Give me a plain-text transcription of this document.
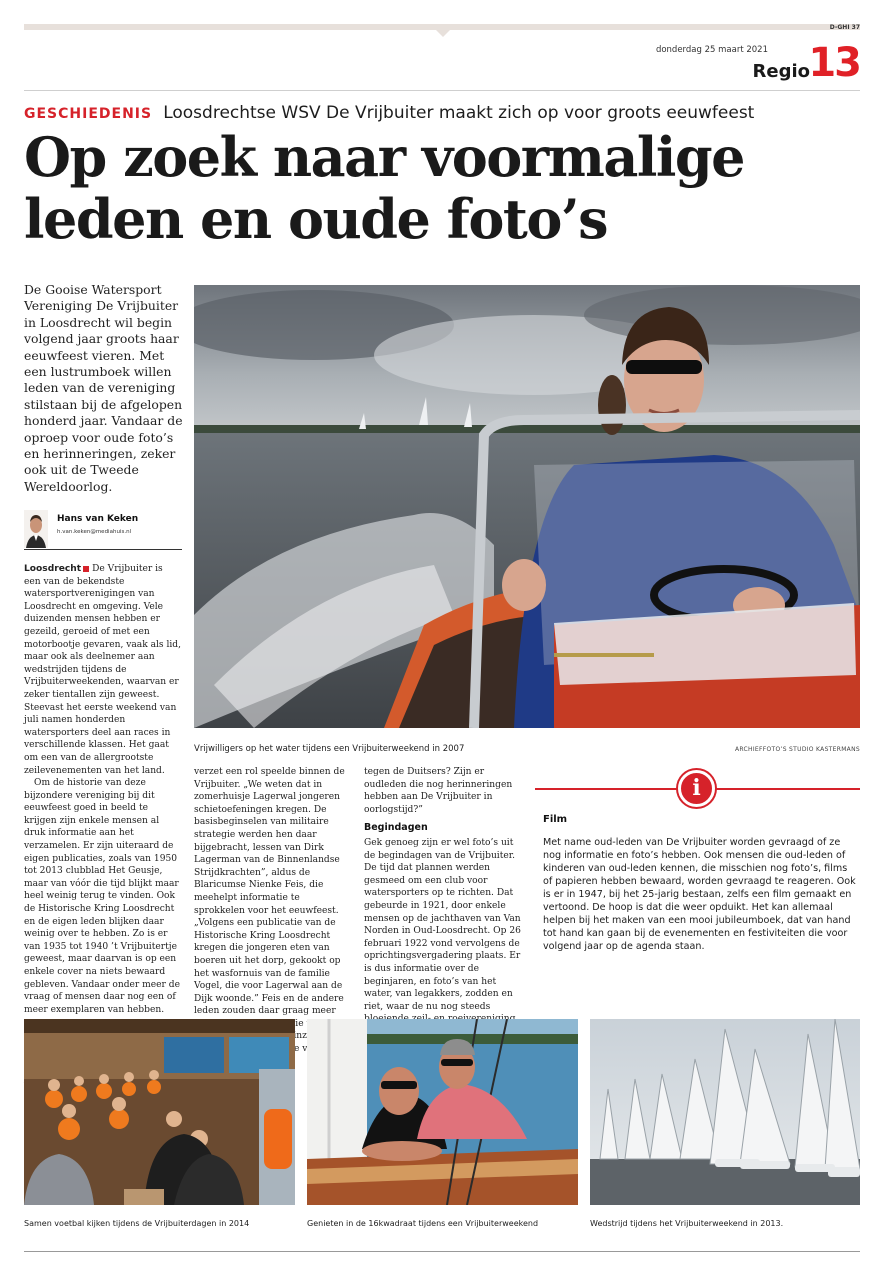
D-GHI 37
donderdag 25 maart 2021
Regio
13
GESCHIEDENIS Loosdrechtse WSV De Vrijbuiter maakt zich op voor groots eeuwfeest
Op zoek naar voormalige
leden en oude foto’s
De Gooise Watersport Vereniging De Vrijbuiter in Loosdrecht wil begin volgend jaar groots haar eeuwfeest vieren. Met een lustrumboek willen leden van de vereniging stilstaan bij de afgelopen honderd jaar. Vandaar de oproep voor oude foto’s en herinneringen, zeker ook uit de Tweede Wereldoorlog.
Hans van Keken
h.van.keken@mediahuis.nl

Loosdrecht De Vrijbuiter is een van de bekendste watersportverenigingen van Loosdrecht en omgeving. Vele duizenden mensen hebben er gezeild, geroeid of met een motorbootje gevaren, vaak als lid, maar ook als deelnemer aan wedstrijden tijdens de Vrijbuiterweekenden, waarvan er zeker tientallen zijn geweest. Steevast het eerste weekend van juli namen honderden watersporters deel aan races in verschillende klassen. Het gaat om een van de allergrootste zeilevenementen van het land.

Om de historie van deze bijzondere vereniging bij dit eeuwfeest goed in beeld te krijgen zijn enkele mensen al druk informatie aan het verzamelen. Er zijn uiteraard de eigen publicaties, zoals van 1950 tot 2013 clubblad Het Geusje, maar van vóór die tijd blijkt maar heel weinig terug te vinden. Ook de Historische Kring Loosdrecht en de eigen leden blijken daar weinig over te hebben. Zo is er van 1935 tot 1940 ’t Vrijbuitertje geweest, maar daarvan is op een enkele cover na niets bewaard gebleven. Vandaar onder meer de vraag of mensen daar nog een of meer exemplaren van hebben.

verzet een rol speelde binnen de Vrijbuiter. „We weten dat in zomerhuisje Lagerwal jongeren schietoefeningen kregen. De basisbeginselen van militaire strategie werden hen daar bijgebracht, lessen van Dirk Lagerman van de Binnenlandse Strijdkrachten”, aldus de Blaricumse Nienke Feis, die meehelpt informatie te sprokkelen voor het eeuwfeest. „Volgens een publicatie van de Historische Kring Loosdrecht kregen die jongeren eten van boeren uit het dorp, gekookt op het wasfornuis van de familie Vogel, die voor Lagerwal aan de Dijk woonde.” Feis en de andere leden zouden daar graag meer

tegen de Duitsers? Zijn er oudleden die nog herinneringen hebben aan De Vrijbuiter in oorlogstijd?”

Begindagen

Gek genoeg zijn er wel foto’s uit de begindagen van de Vrijbuiter. De tijd dat plannen werden gesmeed om een club voor watersporters op te richten. Dat gebeurde in 1921, door enkele mensen op de jachthaven van Van Norden in Oud-Loosdrecht. Op 26 februari 1922 vond vervolgens de oprichtingsvergadering plaats. Er is dus informatie over de beginjaren, en foto’s van het water, van legakkers, zodden en riet, waar de nu nog steeds

Vrijwilligers op het water tijdens een Vrijbuiterweekend in 2007	ARCHIEFFOTO’S STUDIO KASTERMANS
i
Film
Met name oud-leden van De Vrijbuiter worden gevraagd of ze nog informatie en foto’s hebben. Ook mensen die oud-leden of kinderen van oud-leden kennen, die misschien nog foto’s, films of papieren hebben bewaard, worden gevraagd te reageren. Ook is er in 1947, bij het 25-jarig bestaan, zelfs een film gemaakt en vertoond. De hoop is dat die weer opduikt. Het kan allemaal helpen bij het maken van een mooi jubileumboek, dat van hand tot hand kan gaan bij de evenementen en festiviteiten die voor volgend jaar op de agenda staan.
Samen voetbal kijken tijdens de Vrijbuiterdagen in 2014	Genieten in de 16kwadraat tijdens een Vrijbuiterweekend	Wedstrijd tijdens het Vrijbuiterweekend in 2013.
